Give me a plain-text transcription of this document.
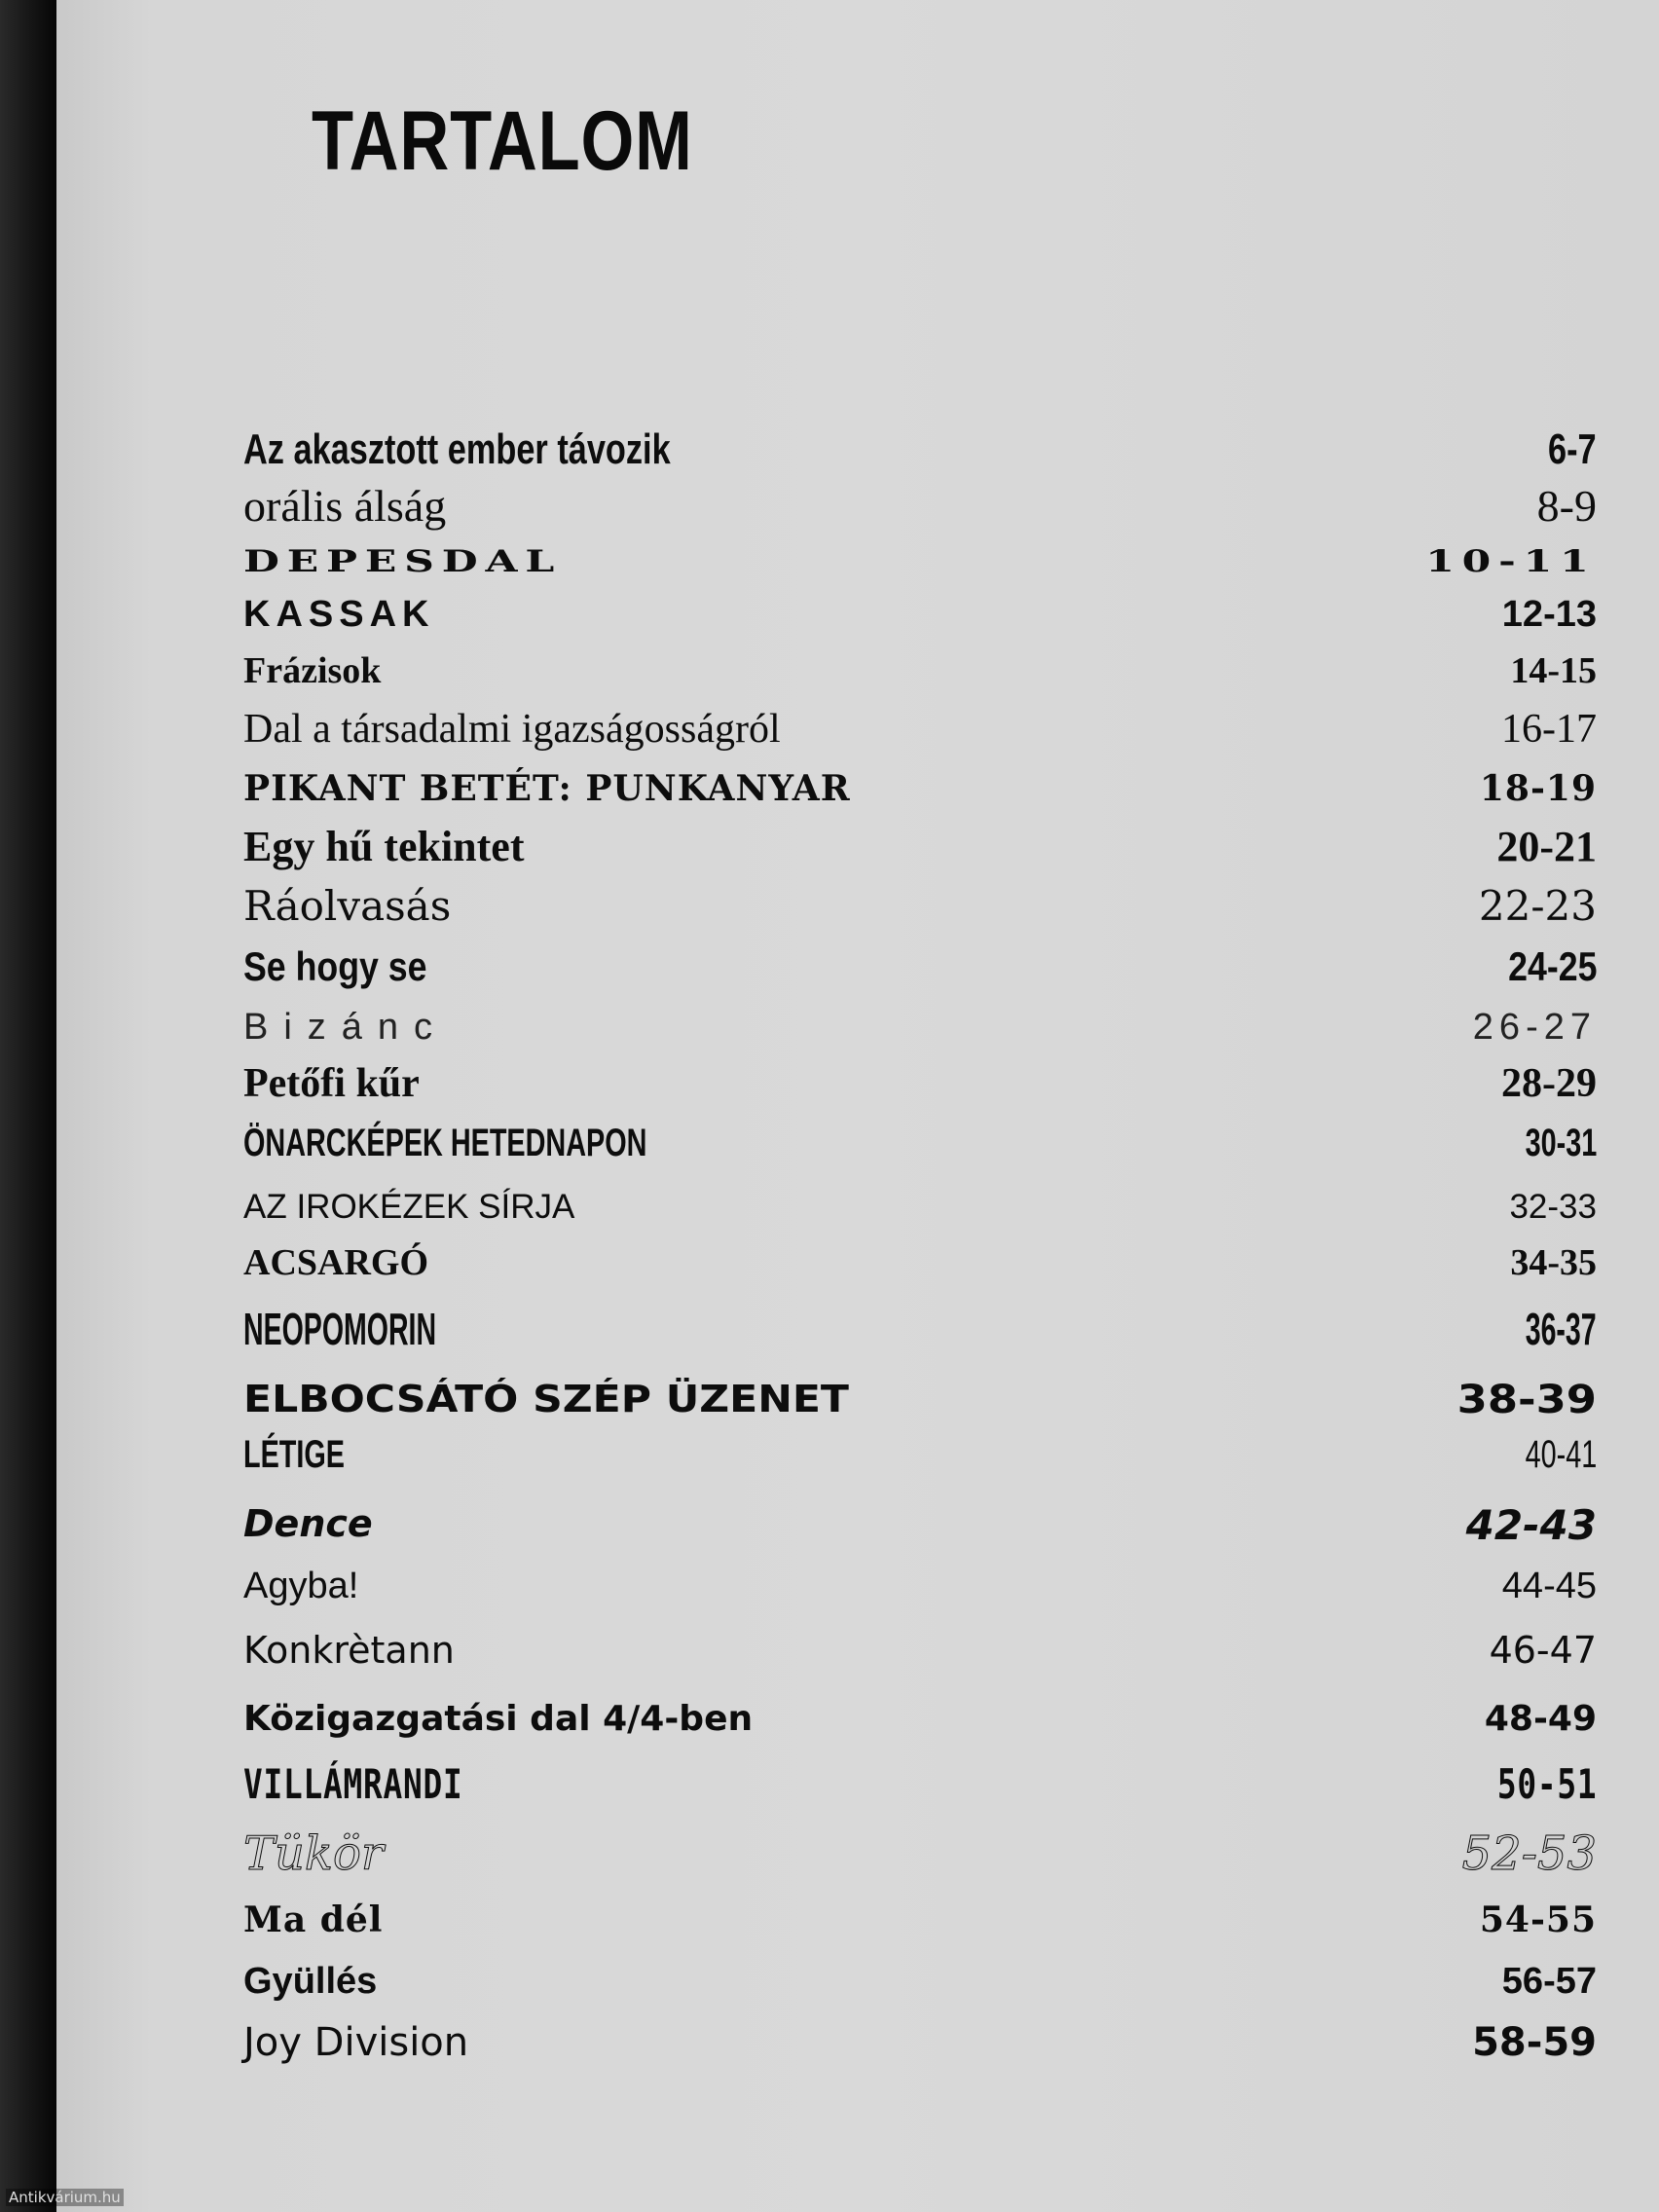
TARTALOM
Az akasztott ember távozik	6-7
orális álság	8-9
DEPESDAL	10-11
KASSAK	12-13
Frázisok	14-15
Dal a társadalmi igazságosságról	16-17
PIKANT BETÉT: PUNKANYAR	18-19
Egy hű tekintet	20-21
Ráolvasás	22-23
Se hogy se	24-25
Bizánc	26-27
Petőfi kűr	28-29
ÖNARCKÉPEK HETEDNAPON	30-31
AZ IROKÉZEK SÍRJA	32-33
ACSARGÓ	34-35
NEOPOMORIN	36-37
ELBOCSÁTÓ SZÉP ÜZENET	38-39
LÉTIGE	40-41
Dence	42-43
Agyba!	44-45
Konkrètann	46-47
Közigazgatási dal 4/4-ben	48-49
VILLÁMRANDI	50-51
Tükör	52-53
Ma dél	54-55
Gyüllés	56-57
Joy Division	58-59
Antikvárium.hu
